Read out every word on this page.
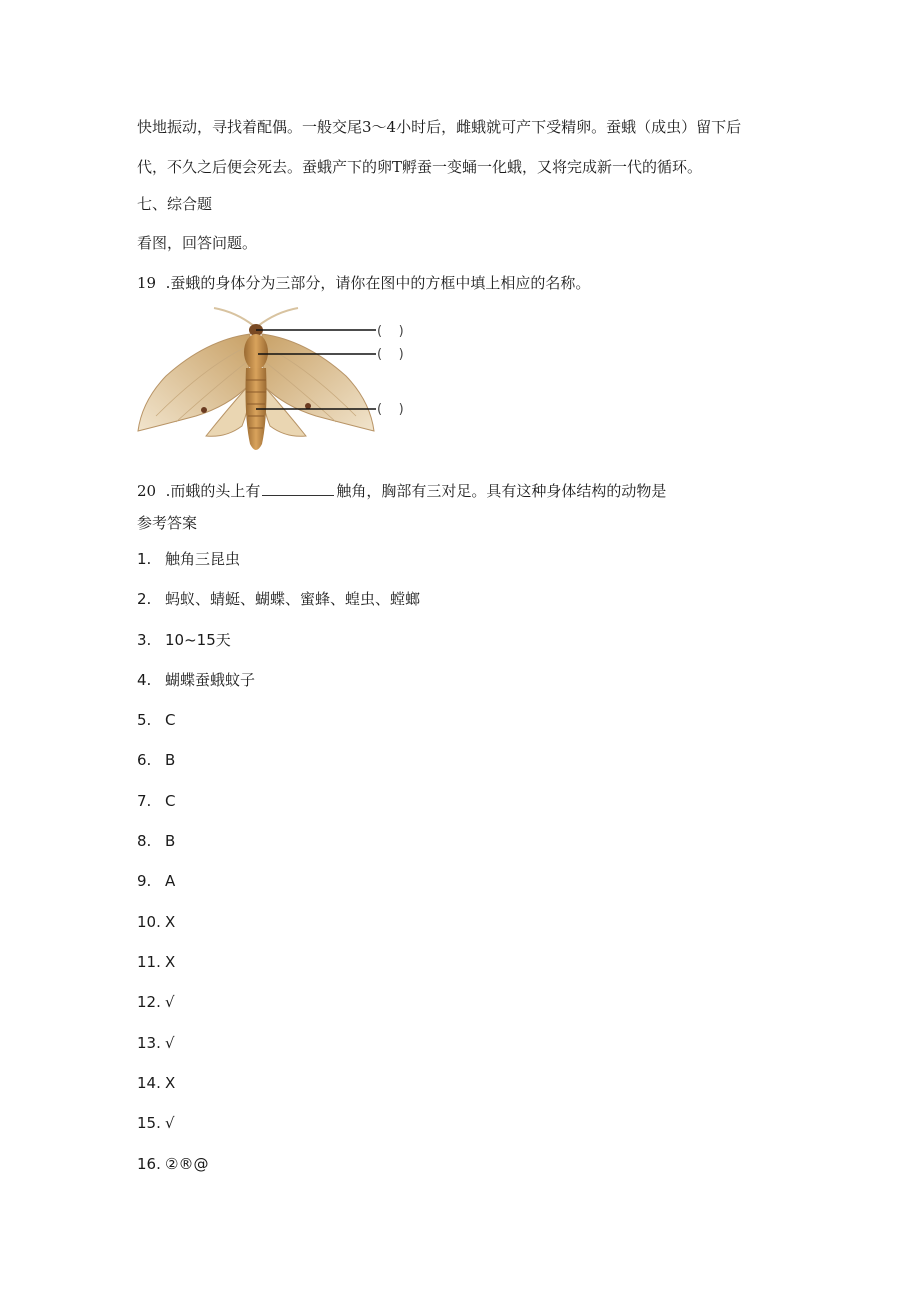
快地振动，寻找着配偶。一般交尾3〜4小时后，雌蛾就可产下受精卵。蚕蛾（成虫）留下后
代，不久之后便会死去。蚕蛾产下的卵T孵蚕一变蛹一化蛾，又将完成新一代的循环。
七、综合题
看图，回答问题。
19  .蚕蛾的身体分为三部分，请你在图中的方框中填上相应的名称。
(    )
(    )
(    )
20  .而蛾的头上有	触角，胸部有三对足。具有这种身体结构的动物是
参考答案
1. 触角三昆虫
2. 蚂蚁、蜻蜓、蝴蝶、蜜蜂、蝗虫、螳螂
3. 10~15天
4. 蝴蝶蚕蛾蚊子
5. C
6. B
7. C
8. B
9. A
10. X
11. X
12. √
13. √
14. X
15. √
16. ②®@
